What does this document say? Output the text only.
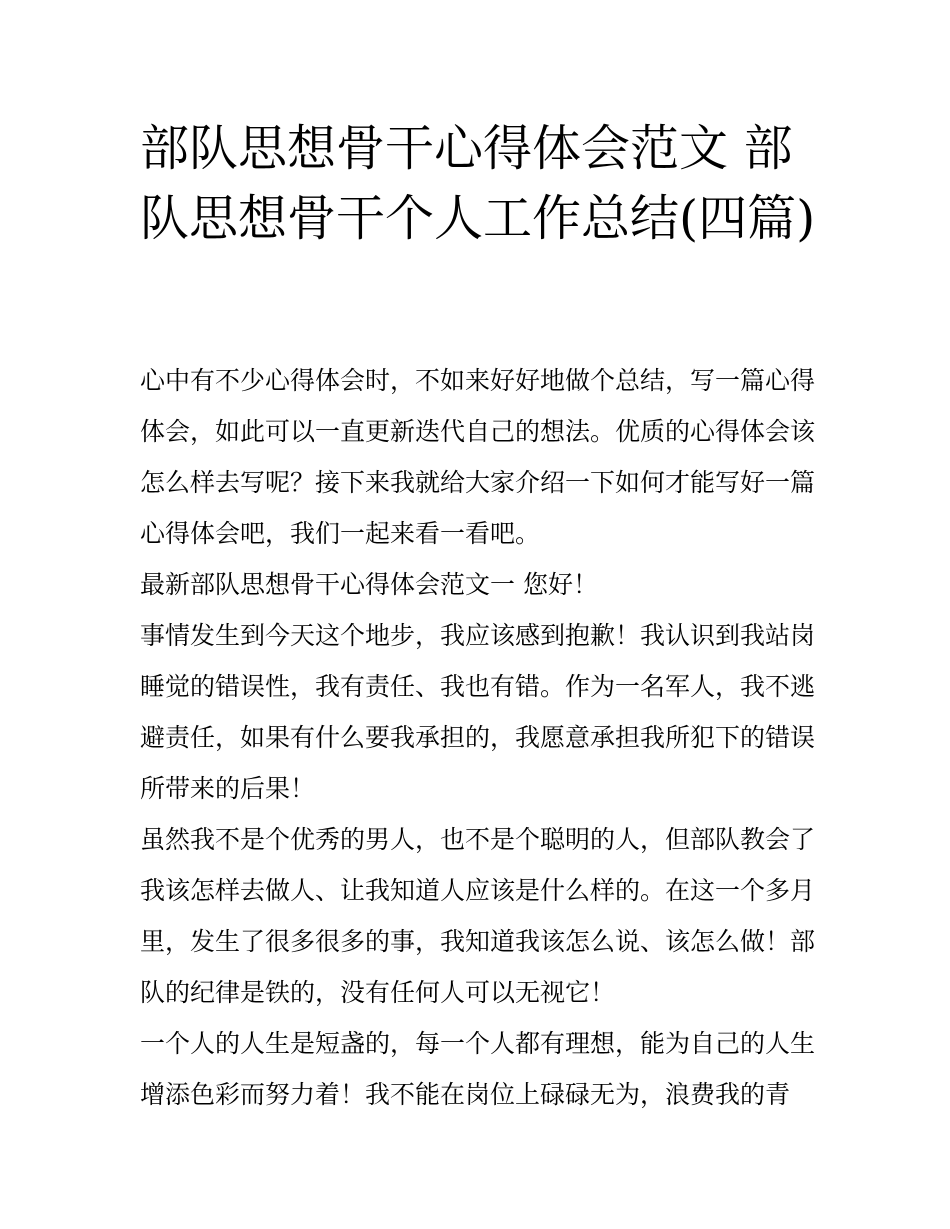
部队思想骨干心得体会范文 部队思想骨干个人工作总结(四篇)

心中有不少心得体会时，不如来好好地做个总结，写一篇心得体会，如此可以一直更新迭代自己的想法。优质的心得体会该怎么样去写呢？接下来我就给大家介绍一下如何才能写好一篇心得体会吧，我们一起来看一看吧。

最新部队思想骨干心得体会范文一 您好！

事情发生到今天这个地步，我应该感到抱歉！我认识到我站岗睡觉的错误性，我有责任、我也有错。作为一名军人，我不逃避责任，如果有什么要我承担的，我愿意承担我所犯下的错误所带来的后果！

虽然我不是个优秀的男人，也不是个聪明的人，但部队教会了我该怎样去做人、让我知道人应该是什么样的。在这一个多月里，发生了很多很多的事，我知道我该怎么说、该怎么做！部队的纪律是铁的，没有任何人可以无视它！

一个人的人生是短盏的，每一个人都有理想，能为自己的人生增添色彩而努力着！我不能在岗位上碌碌无为，浪费我的青
